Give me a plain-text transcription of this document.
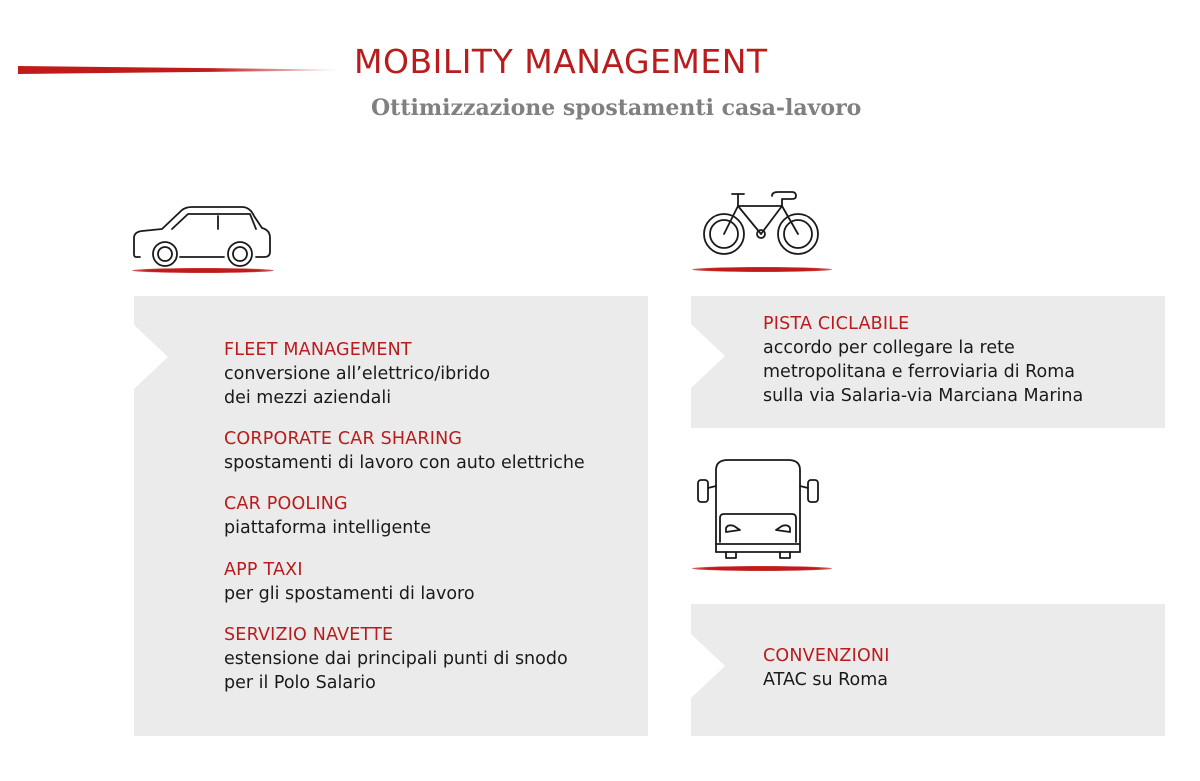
MOBILITY MANAGEMENT
Ottimizzazione spostamenti casa-lavoro
FLEET MANAGEMENT
conversione all’elettrico/ibrido
dei mezzi aziendali
CORPORATE CAR SHARING
spostamenti di lavoro con auto elettriche
CAR POOLING
piattaforma intelligente
APP TAXI
per gli spostamenti di lavoro
SERVIZIO NAVETTE
estensione dai principali punti di snodo
per il Polo Salario
PISTA CICLABILE
accordo per collegare la rete
metropolitana e ferroviaria di Roma
sulla via Salaria-via Marciana Marina
CONVENZIONI
ATAC su Roma
